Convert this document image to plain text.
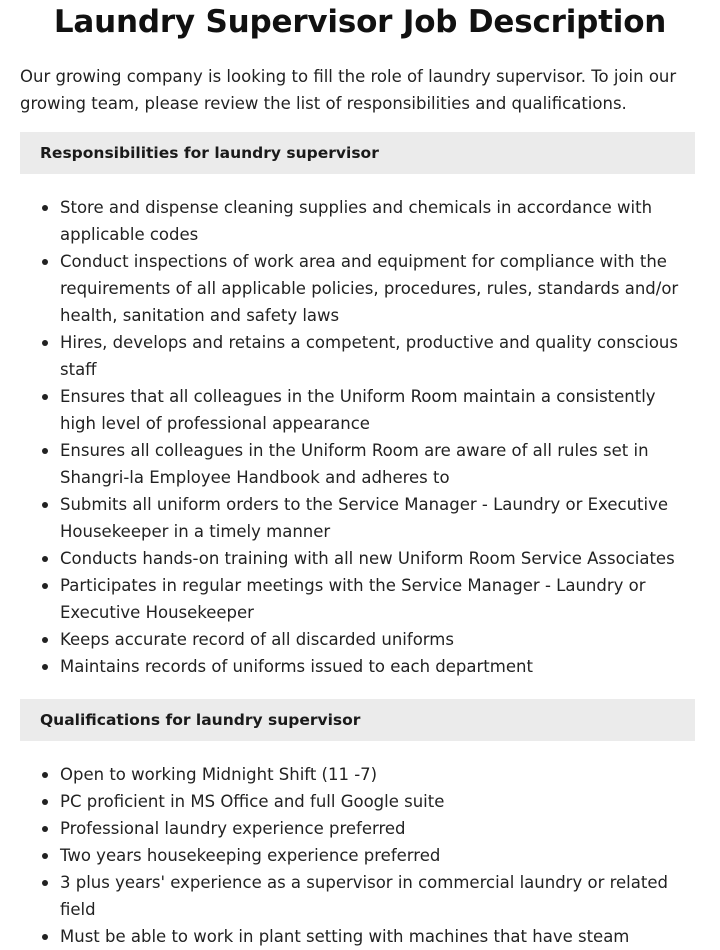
Laundry Supervisor Job Description

Our growing company is looking to fill the role of laundry supervisor. To join our growing team, please review the list of responsibilities and qualifications.

Responsibilities for laundry supervisor
Store and dispense cleaning supplies and chemicals in accordance with applicable codes
Conduct inspections of work area and equipment for compliance with the requirements of all applicable policies, procedures, rules, standards and/or health, sanitation and safety laws
Hires, develops and retains a competent, productive and quality conscious staff
Ensures that all colleagues in the Uniform Room maintain a consistently high level of professional appearance
Ensures all colleagues in the Uniform Room are aware of all rules set in Shangri-la Employee Handbook and adheres to
Submits all uniform orders to the Service Manager - Laundry or Executive Housekeeper in a timely manner
Conducts hands-on training with all new Uniform Room Service Associates
Participates in regular meetings with the Service Manager - Laundry or Executive Housekeeper
Keeps accurate record of all discarded uniforms
Maintains records of uniforms issued to each department
Qualifications for laundry supervisor
Open to working Midnight Shift (11 -7)
PC proficient in MS Office and full Google suite
Professional laundry experience preferred
Two years housekeeping experience preferred
3 plus years' experience as a supervisor in commercial laundry or related field
Must be able to work in plant setting with machines that have steam
